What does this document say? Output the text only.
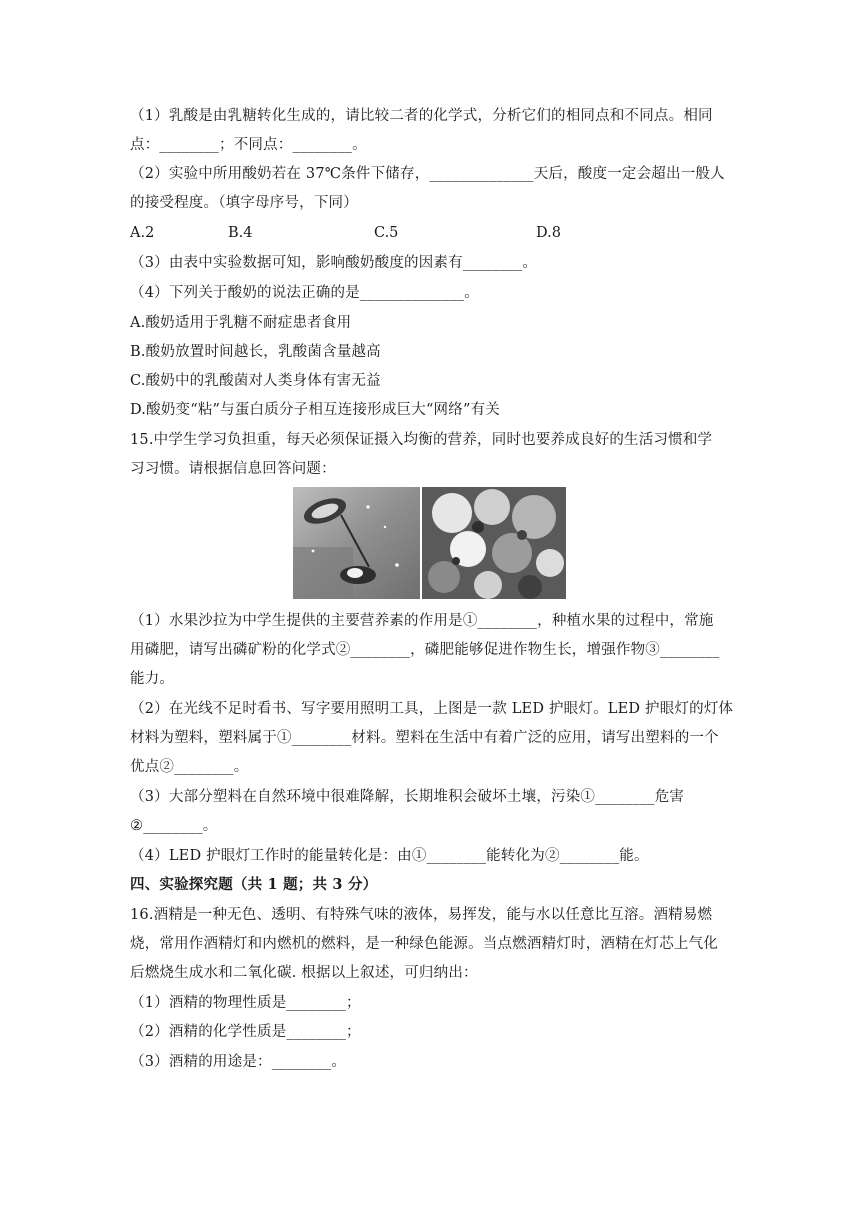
（1）乳酸是由乳糖转化生成的，请比较二者的化学式，分析它们的相同点和不同点。相同
点：________；不同点：________。
（2）实验中所用酸奶若在 37℃条件下储存，______________天后，酸度一定会超出一般人
的接受程度。（填字母序号，下同）
A.2	B.4	C.5	D.8
（3）由表中实验数据可知，影响酸奶酸度的因素有________。
（4）下列关于酸奶的说法正确的是______________。
A.酸奶适用于乳糖不耐症患者食用
B.酸奶放置时间越长，乳酸菌含量越高
C.酸奶中的乳酸菌对人类身体有害无益
D.酸奶变“粘”与蛋白质分子相互连接形成巨大“网络”有关
15.中学生学习负担重，每天必须保证摄入均衡的营养，同时也要养成良好的生活习惯和学
习习惯。请根据信息回答问题：
（1）水果沙拉为中学生提供的主要营养素的作用是①________，种植水果的过程中，常施
用磷肥，请写出磷矿粉的化学式②________，磷肥能够促进作物生长，增强作物③________
能力。
（2）在光线不足时看书、写字要用照明工具，上图是一款 LED 护眼灯。LED 护眼灯的灯体
材料为塑料，塑料属于①________材料。塑料在生活中有着广泛的应用，请写出塑料的一个
优点②________。
（3）大部分塑料在自然环境中很难降解，长期堆积会破坏土壤，污染①________危害
②________。
（4）LED 护眼灯工作时的能量转化是：由①________能转化为②________能。
四、实验探究题（共 1 题；共 3 分）
16.酒精是一种无色、透明、有特殊气味的液体，易挥发，能与水以任意比互溶。酒精易燃
烧，常用作酒精灯和内燃机的燃料，是一种绿色能源。当点燃酒精灯时，酒精在灯芯上气化
后燃烧生成水和二氧化碳. 根据以上叙述，可归纳出：
（1）酒精的物理性质是________；
（2）酒精的化学性质是________；
（3）酒精的用途是：________。
